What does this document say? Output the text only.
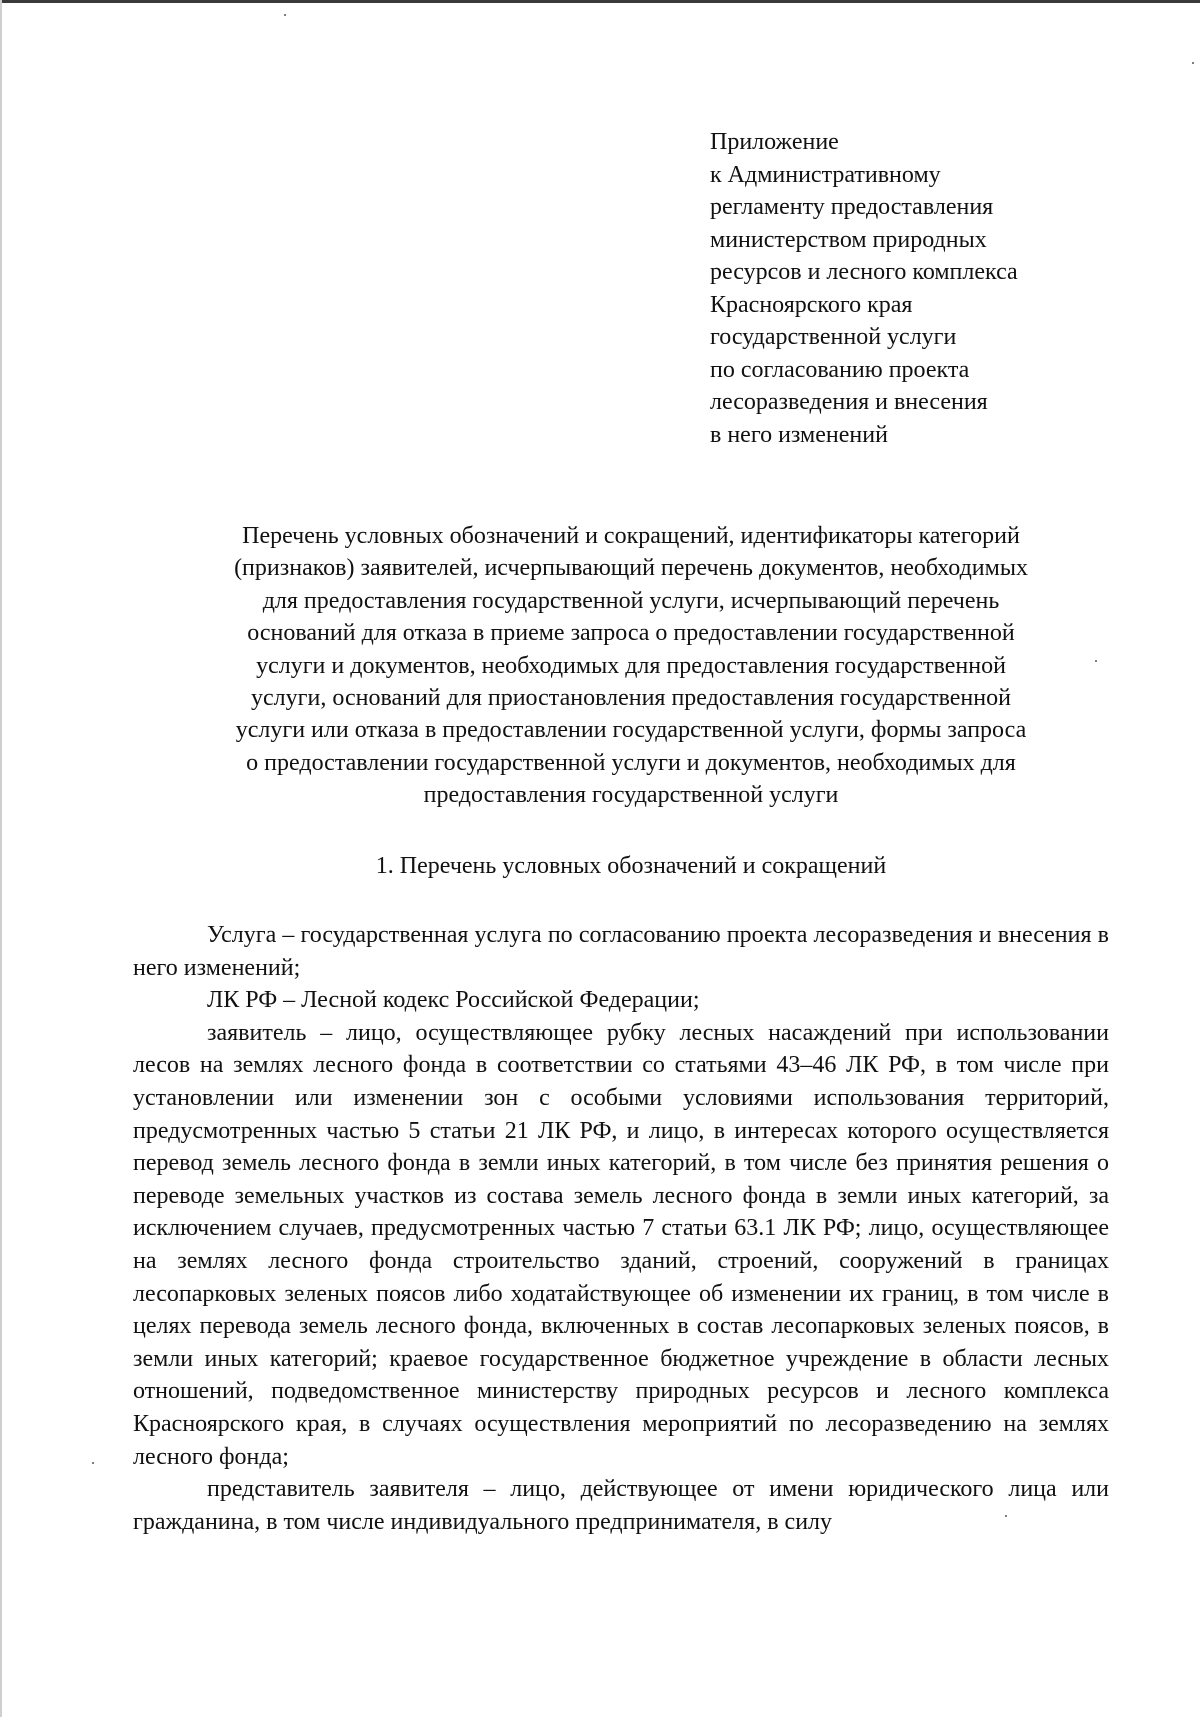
Приложение
к Административному
регламенту предоставления
министерством природных
ресурсов и лесного комплекса
Красноярского края
государственной услуги
по согласованию проекта
лесоразведения и внесения
в него изменений
Перечень условных обозначений и сокращений, идентификаторы категорий
(признаков) заявителей, исчерпывающий перечень документов, необходимых
для предоставления государственной услуги, исчерпывающий перечень
оснований для отказа в приеме запроса о предоставлении государственной
услуги и документов, необходимых для предоставления государственной
услуги, оснований для приостановления предоставления государственной
услуги или отказа в предоставлении государственной услуги, формы запроса
о предоставлении государственной услуги и документов, необходимых для
предоставления государственной услуги
1. Перечень условных обозначений и сокращений

Услуга – государственная услуга по согласованию проекта лесоразведения и внесения в него изменений;

ЛК РФ – Лесной кодекс Российской Федерации;

заявитель – лицо, осуществляющее рубку лесных насаждений при использовании лесов на землях лесного фонда в соответствии со статьями 43–46 ЛК РФ, в том числе при установлении или изменении зон с особыми условиями использования территорий, предусмотренных частью 5 статьи 21 ЛК РФ, и лицо, в интересах которого осуществляется перевод земель лесного фонда в земли иных категорий, в том числе без принятия решения о переводе земельных участков из состава земель лесного фонда в земли иных категорий, за исключением случаев, предусмотренных частью 7 статьи 63.1 ЛК РФ; лицо, осуществляющее на землях лесного фонда строительство зданий, строений, сооружений в границах лесопарковых зеленых поясов либо ходатайствующее об изменении их границ, в том числе в целях перевода земель лесного фонда, включенных в состав лесопарковых зеленых поясов, в земли иных категорий; краевое государственное бюджетное учреждение в области лесных отношений, подведомственное министерству природных ресурсов и лесного комплекса Красноярского края, в случаях осуществления мероприятий по лесоразведению на землях лесного фонда;

представитель заявителя – лицо, действующее от имени юридического лица или гражданина, в том числе индивидуального предпринимателя, в силу
